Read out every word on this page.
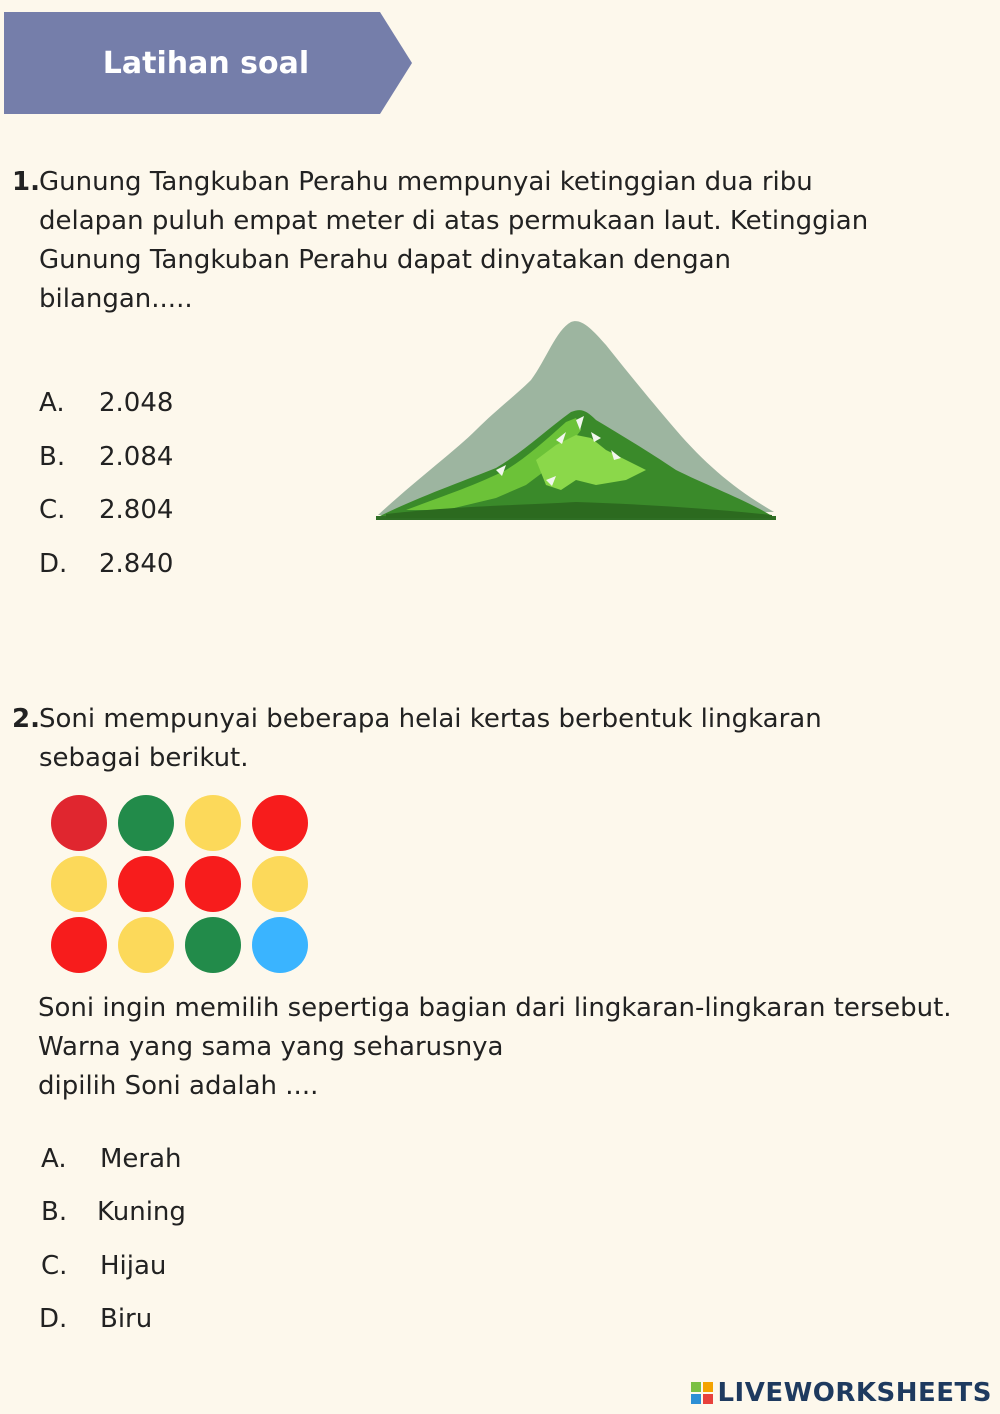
Latihan soal
1. Gunung Tangkuban Perahu mempunyai ketinggian dua ribu
delapan puluh empat meter di atas permukaan laut. Ketinggian
Gunung Tangkuban Perahu dapat dinyatakan dengan
bilangan.....
A. 2.048
B. 2.084
C. 2.804
D. 2.840
2. Soni mempunyai beberapa helai kertas berbentuk lingkaran
sebagai berikut.
Soni ingin memilih sepertiga bagian dari lingkaran-lingkaran tersebut.
Warna yang sama yang seharusnya
dipilih Soni adalah ....
A. Merah
B. Kuning
C. Hijau
D. Biru
LIVEWORKSHEETS
